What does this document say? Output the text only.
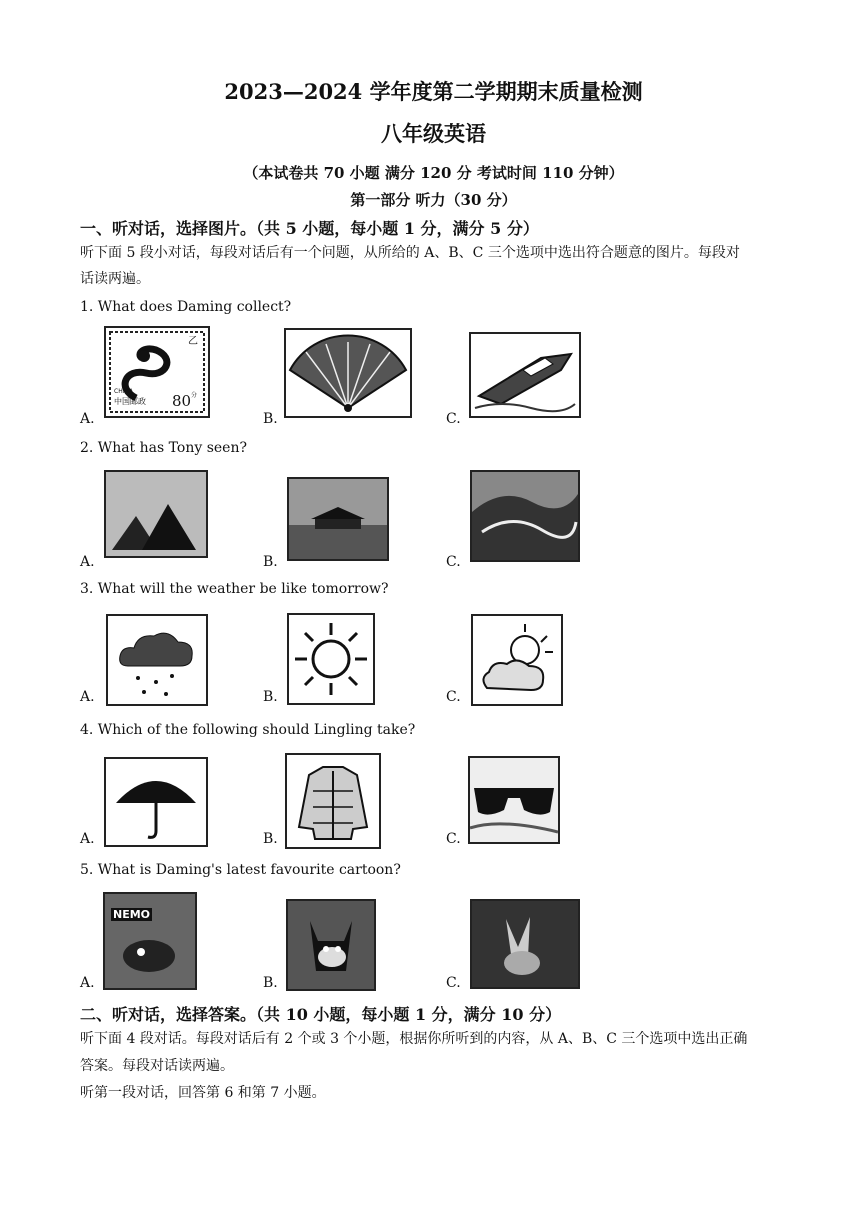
2023—2024 学年度第二学期期末质量检测
八年级英语
（本试卷共 70 小题 满分 120 分 考试时间 110 分钟）
第一部分 听力（30 分）
一、听对话，选择图片。（共 5 小题，每小题 1 分，满分 5 分）
听下面 5 段小对话，每段对话后有一个问题，从所给的 A、B、C 三个选项中选出符合题意的图片。每段对
话读两遍。
1. What does Daming collect?
A.	B.	C.
乙
CHINA
中国邮政 80 分
2. What has Tony seen?
A.	B.	C.
3. What will the weather be like tomorrow?
A.	B.	C.
4. Which of the following should Lingling take?
A.	B.	C.
5. What is Daming's latest favourite cartoon?
A.	B.	C.
NEMO
二、听对话，选择答案。（共 10 小题，每小题 1 分，满分 10 分）
听下面 4 段对话。每段对话后有 2 个或 3 个小题，根据你所听到的内容，从 A、B、C 三个选项中选出正确
答案。每段对话读两遍。
听第一段对话，回答第 6 和第 7 小题。
